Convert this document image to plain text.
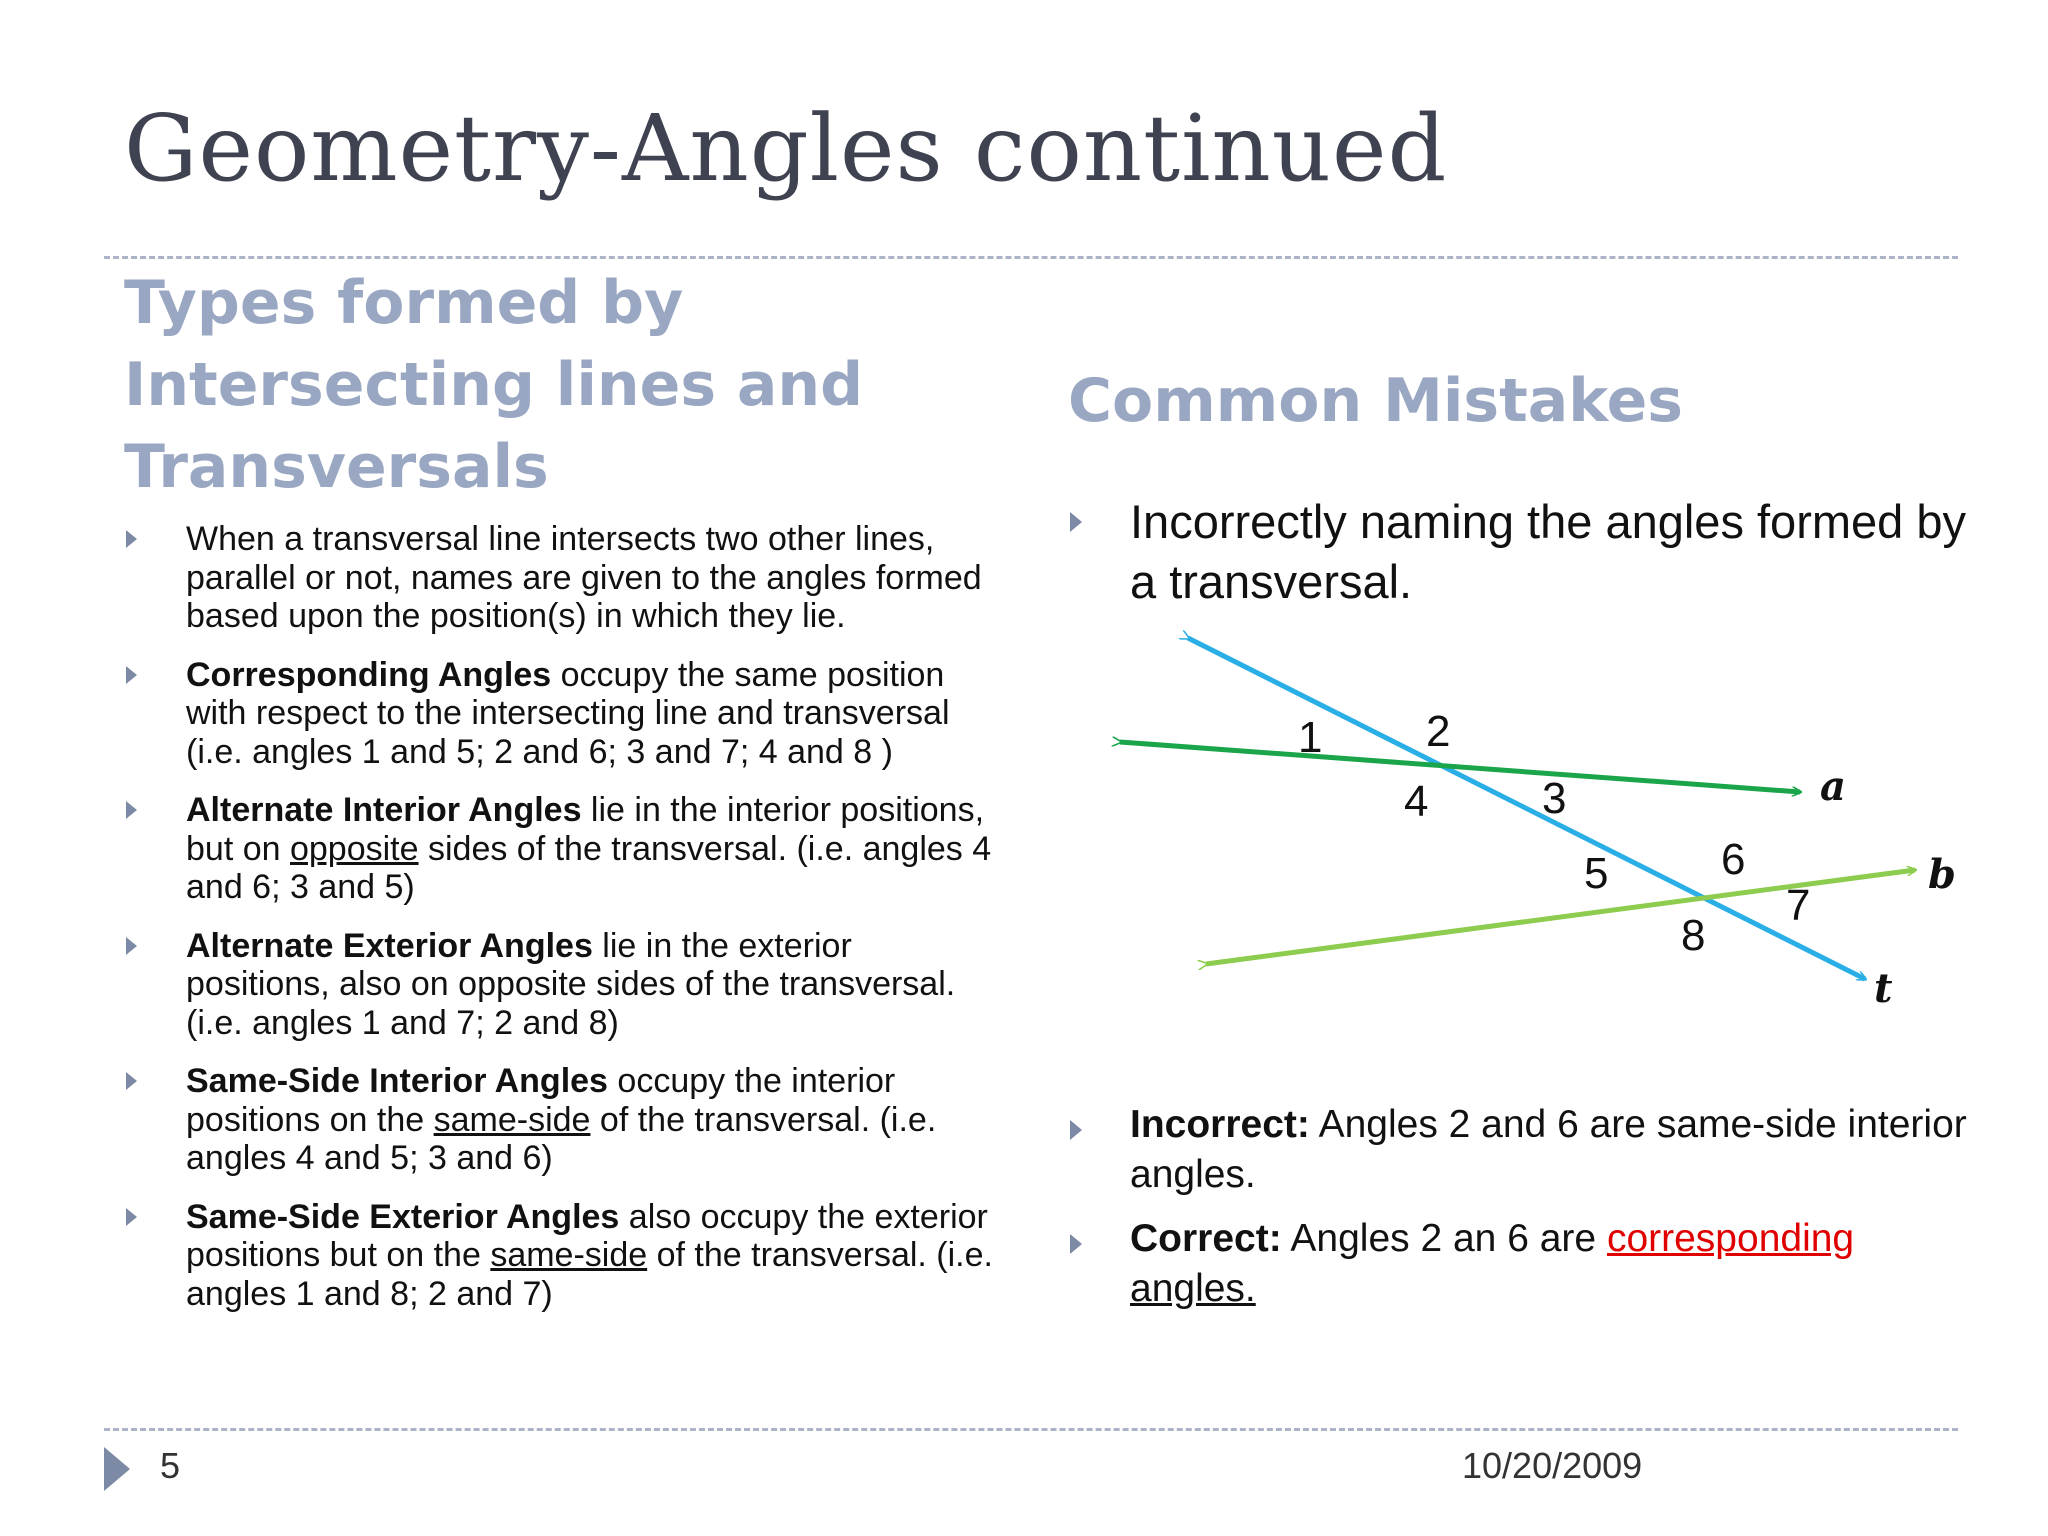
Geometry-Angles continued
Types formed by Intersecting lines and Transversals
When a transversal line intersects two other lines, parallel or not, names are given to the angles formed based upon the position(s) in which they lie.
Corresponding Angles occupy the same position with respect to the intersecting line and transversal (i.e. angles 1 and 5; 2 and 6; 3 and 7; 4 and 8 )
Alternate Interior Angles lie in the interior positions, but on opposite sides of the transversal. (i.e. angles 4 and 6; 3 and 5)
Alternate Exterior Angles lie in the exterior positions, also on opposite sides of the transversal. (i.e. angles 1 and 7; 2 and 8)
Same-Side Interior Angles occupy the interior positions on the same-side of the transversal. (i.e. angles 4 and 5; 3 and 6)
Same-Side Exterior Angles also occupy the exterior positions but on the same-side of the transversal. (i.e. angles 1 and 8; 2 and 7)
Common Mistakes
Incorrectly naming the angles formed by a transversal.
1 2
4	3
5	6
8
7
a
b
t
Incorrect: Angles 2 and 6 are same-side interior angles.
Correct: Angles 2 an 6 are corresponding angles.
5	10/20/2009
